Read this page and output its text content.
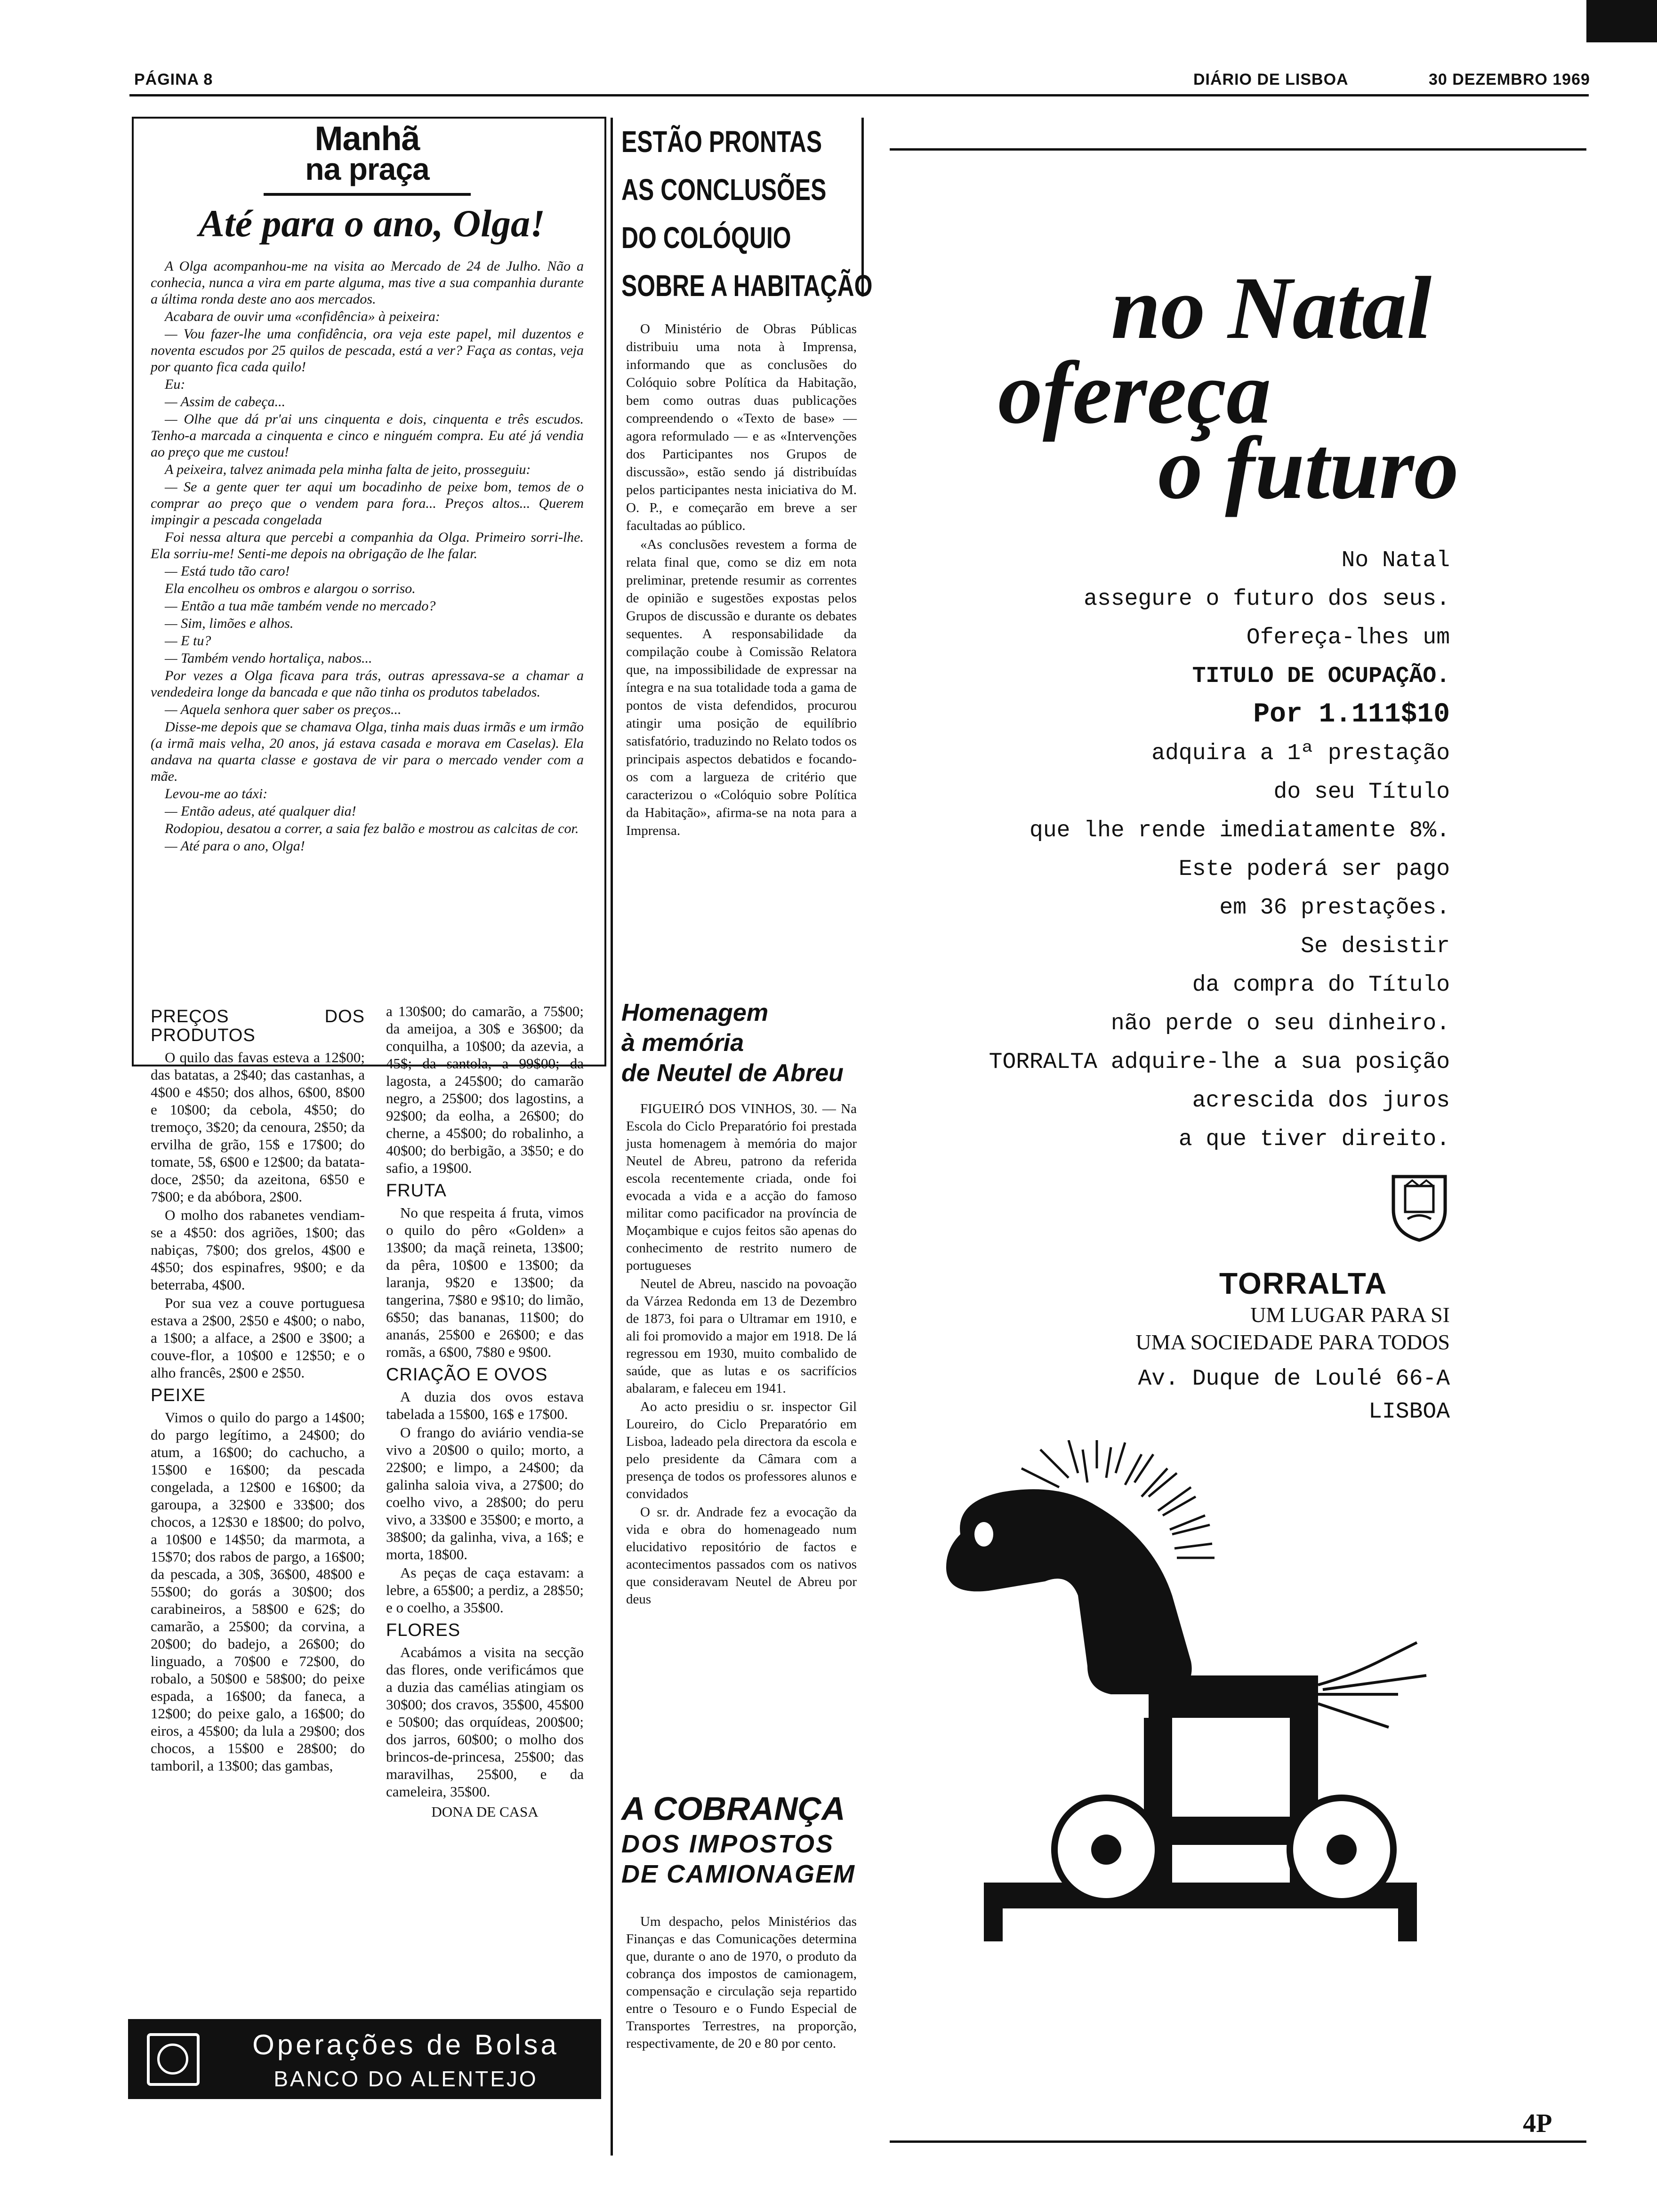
PÁGINA 8	DIÁRIO DE LISBOA	30 DEZEMBRO 1969
Manhã
na praça
Até para o ano, Olga!

A Olga acompanhou-me na visita ao Mercado de 24 de Julho. Não a conhecia, nunca a vira em parte alguma, mas tive a sua companhia durante a última ronda deste ano aos mercados.

Acabara de ouvir uma «confidência» à peixeira:

— Vou fazer-lhe uma confidência, ora veja este papel, mil duzentos e noventa escudos por 25 quilos de pescada, está a ver? Faça as contas, veja por quanto fica cada quilo!

Eu:

— Assim de cabeça...

— Olhe que dá pr'ai uns cinquenta e dois, cinquenta e três escudos. Tenho-a marcada a cinquenta e cinco e ninguém compra. Eu até já vendia ao preço que me custou!

A peixeira, talvez animada pela minha falta de jeito, prosseguiu:

— Se a gente quer ter aqui um bocadinho de peixe bom, temos de o comprar ao preço que o vendem para fora... Preços altos... Querem impingir a pescada congelada

Foi nessa altura que percebi a companhia da Olga. Primeiro sorri-lhe. Ela sorriu-me! Senti-me depois na obrigação de lhe falar.

— Está tudo tão caro!

Ela encolheu os ombros e alargou o sorriso.

— Então a tua mãe também vende no mercado?

— Sim, limões e alhos.

— E tu?

— Também vendo hortaliça, nabos...

Por vezes a Olga ficava para trás, outras apressava-se a chamar a vendedeira longe da bancada e que não tinha os produtos tabelados.

— Aquela senhora quer saber os preços...

Disse-me depois que se chamava Olga, tinha mais duas irmãs e um irmão (a irmã mais velha, 20 anos, já estava casada e morava em Caselas). Ela andava na quarta classe e gostava de vir para o mercado vender com a mãe.

Levou-me ao táxi:

— Então adeus, até qualquer dia!

Rodopiou, desatou a correr, a saia fez balão e mostrou as calcitas de cor.

— Até para o ano, Olga!

PREÇOS DOS PRODUTOS

O quilo das favas esteva a 12$00; das batatas, a 2$40; das castanhas, a 4$00 e 4$50; dos alhos, 6$00, 8$00 e 10$00; da cebola, 4$50; do tremoço, 3$20; da cenoura, 2$50; da ervilha de grão, 15$ e 17$00; do tomate, 5$, 6$00 e 12$00; da batata-doce, 2$50; da azeitona, 6$50 e 7$00; e da abóbora, 2$00.

O molho dos rabanetes vendiam-se a 4$50: dos agriões, 1$00; das nabiças, 7$00; dos grelos, 4$00 e 4$50; dos espinafres, 9$00; e da beterraba, 4$00.

Por sua vez a couve portuguesa estava a 2$00, 2$50 e 4$00; o nabo, a 1$00; a alface, a 2$00 e 3$00; a couve-flor, a 10$00 e 12$50; e o alho francês, 2$00 e 2$50.

PEIXE

Vimos o quilo do pargo a 14$00; do pargo legítimo, a 24$00; do atum, a 16$00; do cachucho, a 15$00 e 16$00; da pescada congelada, a 12$00 e 16$00; da garoupa, a 32$00 e 33$00; dos chocos, a 12$30 e 18$00; do polvo, a 10$00 e 14$50; da marmota, a 15$70; dos rabos de pargo, a 16$00; da pescada, a 30$, 36$00, 48$00 e 55$00; do gorás a 30$00; dos carabineiros, a 58$00 e 62$; do camarão, a 25$00; da corvina, a 20$00; do badejo, a 26$00; do linguado, a 70$00 e 72$00, do robalo, a 50$00 e 58$00; do peixe espada, a 16$00; da faneca, a 12$00; do peixe galo, a 16$00; do eiros, a 45$00; da lula a 29$00; dos chocos, a 15$00 e 28$00; do tamboril, a 13$00; das gambas,

a 130$00; do camarão, a 75$00; da ameijoa, a 30$ e 36$00; da conquilha, a 10$00; da azevia, a 45$; da santola, a 99$00; da lagosta, a 245$00; do camarão negro, a 25$00; dos lagostins, a 92$00; da eolha, a 26$00; do cherne, a 45$00; do robalinho, a 40$00; do berbigão, a 3$50; e do safio, a 19$00.

FRUTA

No que respeita á fruta, vimos o quilo do pêro «Golden» a 13$00; da maçã reineta, 13$00; da pêra, 10$00 e 13$00; da laranja, 9$20 e 13$00; da tangerina, 7$80 e 9$10; do limão, 6$50; das bananas, 11$00; do ananás, 25$00 e 26$00; e das romãs, a 6$00, 7$80 e 9$00.

CRIAÇÃO E OVOS

A duzia dos ovos estava tabelada a 15$00, 16$ e 17$00.

O frango do aviário vendia-se vivo a 20$00 o quilo; morto, a 22$00; e limpo, a 24$00; da galinha saloia viva, a 27$00; do coelho vivo, a 28$00; do peru vivo, a 33$00 e 35$00; e morto, a 38$00; da galinha, viva, a 16$; e morta, 18$00.

As peças de caça estavam: a lebre, a 65$00; a perdiz, a 28$50; e o coelho, a 35$00.

FLORES

Acabámos a visita na secção das flores, onde verificámos que a duzia das camélias atingiam os 30$00; dos cravos, 35$00, 45$00 e 50$00; das orquídeas, 200$00; dos jarros, 60$00; o molho dos brincos-de-princesa, 25$00; das maravilhas, 25$00, e da cameleira, 35$00.

DONA DE CASA

Operações de Bolsa
BANCO DO ALENTEJO
ESTÃO PRONTAS
AS CONCLUSÕES
DO COLÓQUIO
SOBRE A HABITAÇÃO

O Ministério de Obras Públicas distribuiu uma nota à Imprensa, informando que as conclusões do Colóquio sobre Política da Habitação, bem como outras duas publicações compreendendo o «Texto de base» — agora reformulado — e as «Intervenções dos Participantes nos Grupos de discussão», estão sendo já distribuídas pelos participantes nesta iniciativa do M. O. P., e começarão em breve a ser facultadas ao público.

«As conclusões revestem a forma de relata final que, como se diz em nota preliminar, pretende resumir as correntes de opinião e sugestões expostas pelos Grupos de discussão e durante os debates sequentes. A responsabilidade da compilação coube à Comissão Relatora que, na impossibilidade de expressar na íntegra e na sua totalidade toda a gama de pontos de vista defendidos, procurou atingir uma posição de equilíbrio satisfatório, traduzindo no Relato todos os principais aspectos debatidos e focando-os com a largueza de critério que caracterizou o «Colóquio sobre Política da Habitação», afirma-se na nota para a Imprensa.

Homenagem
à memória
de Neutel de Abreu

FIGUEIRÓ DOS VINHOS, 30. — Na Escola do Ciclo Preparatório foi prestada justa homenagem à memória do major Neutel de Abreu, patrono da referida escola recentemente criada, onde foi evocada a vida e a acção do famoso militar como pacificador na província de Moçambique e cujos feitos são apenas do conhecimento de restrito numero de portugueses

Neutel de Abreu, nascido na povoação da Várzea Redonda em 13 de Dezembro de 1873, foi para o Ultramar em 1910, e ali foi promovido a major em 1918. De lá regressou em 1930, muito combalido de saúde, que as lutas e os sacrifícios abalaram, e faleceu em 1941.

Ao acto presidiu o sr. inspector Gil Loureiro, do Ciclo Preparatório em Lisboa, ladeado pela directora da escola e pelo presidente da Câmara com a presença de todos os professores alunos e convidados

O sr. dr. Andrade fez a evocação da vida e obra do homenageado num elucidativo repositório de factos e acontecimentos passados com os nativos que consideravam Neutel de Abreu por deus

A COBRANÇA
DOS IMPOSTOS
DE CAMIONAGEM

Um despacho, pelos Ministérios das Finanças e das Comunicações determina que, durante o ano de 1970, o produto da cobrança dos impostos de camionagem, compensação e circulação seja repartido entre o Tesouro e o Fundo Especial de Transportes Terrestres, na proporção, respectivamente, de 20 e 80 por cento.

no Natal
ofereça
o futuro
No Natal
assegure o futuro dos seus.
Ofereça-lhes um
TITULO DE OCUPAÇÃO.
Por 1.111$10
adquira a 1ª prestação
do seu Título
que lhe rende imediatamente 8%.
Este poderá ser pago
em 36 prestações.
Se desistir
da compra do Título
não perde o seu dinheiro.
TORRALTA adquire-lhe a sua posição
acrescida dos juros
a que tiver direito.
TORRALTA
UM LUGAR PARA SI
UMA SOCIEDADE PARA TODOS
Av. Duque de Loulé 66-A
LISBOA
4P
